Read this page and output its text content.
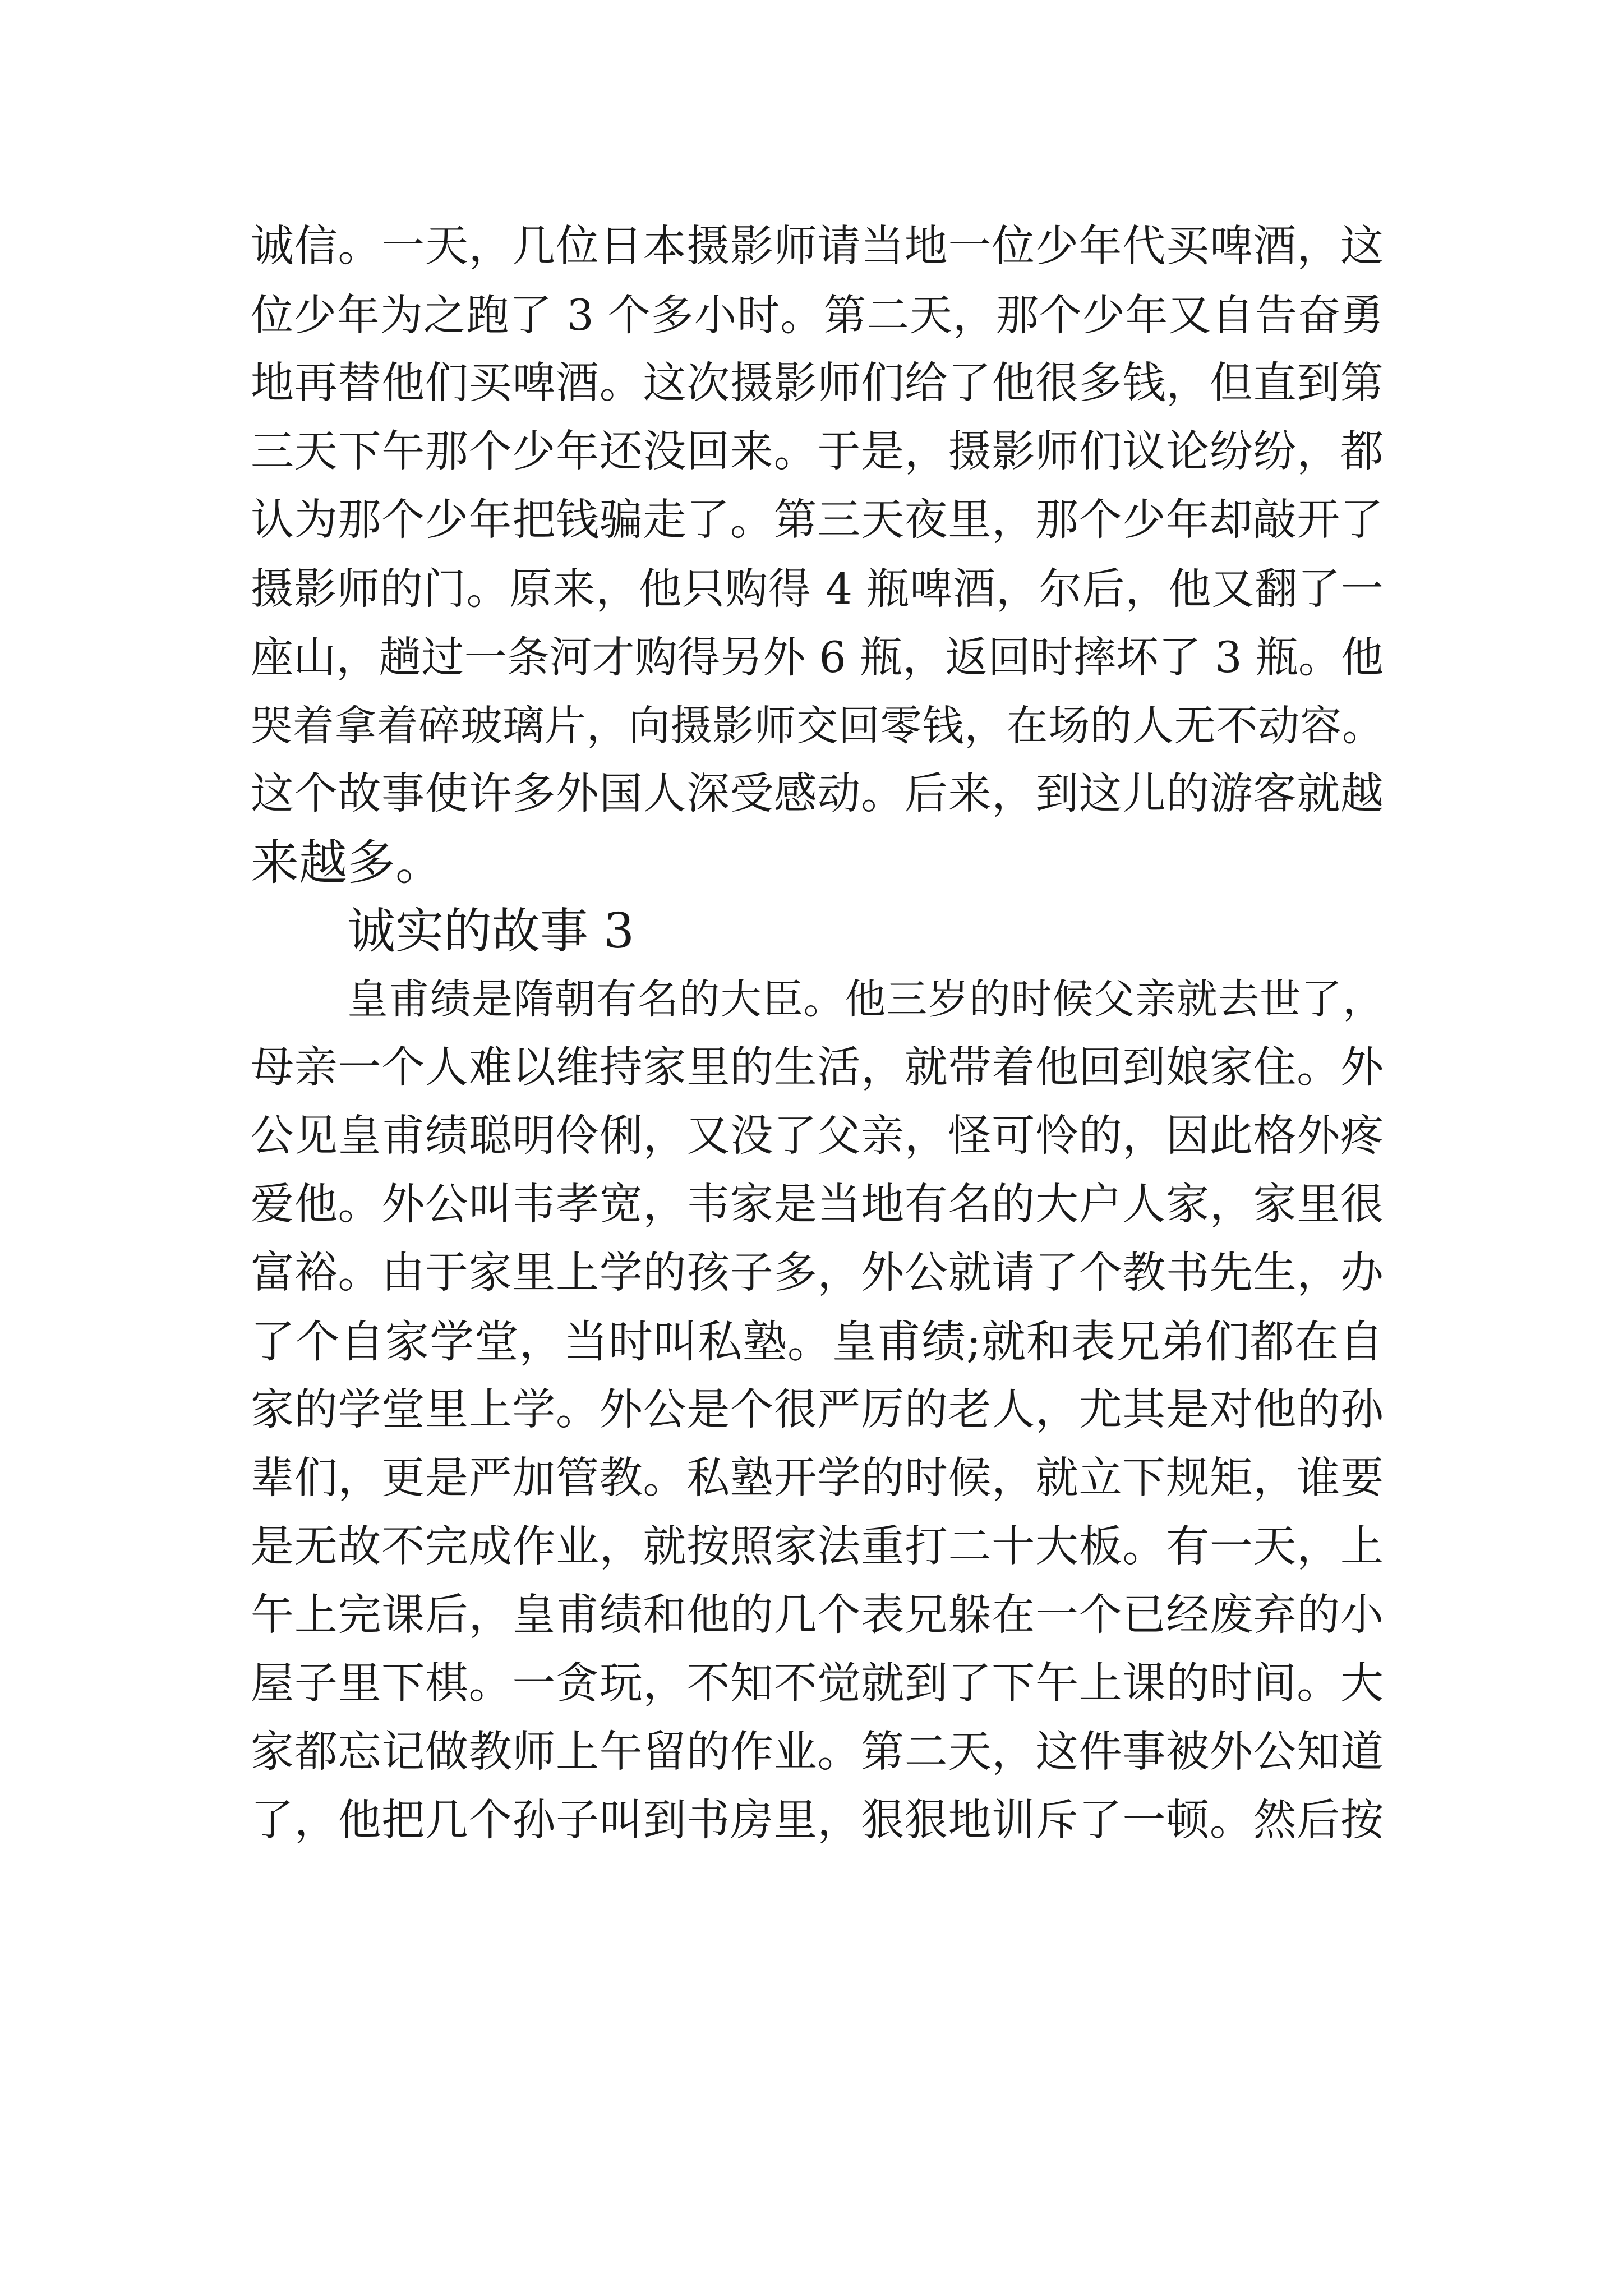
诚信。一天，几位日本摄影师请当地一位少年代买啤酒，这
位少年为之跑了 3 个多小时。第二天，那个少年又自告奋勇
地再替他们买啤酒。这次摄影师们给了他很多钱，但直到第
三天下午那个少年还没回来。于是，摄影师们议论纷纷，都
认为那个少年把钱骗走了。第三天夜里，那个少年却敲开了
摄影师的门。原来，他只购得 4 瓶啤酒，尔后，他又翻了一
座山，趟过一条河才购得另外 6 瓶，返回时摔坏了 3 瓶。他
哭着拿着碎玻璃片，向摄影师交回零钱，在场的人无不动容。
这个故事使许多外国人深受感动。后来，到这儿的游客就越
来越多。
诚实的故事 3
皇甫绩是隋朝有名的大臣。他三岁的时候父亲就去世了，
母亲一个人难以维持家里的生活，就带着他回到娘家住。外
公见皇甫绩聪明伶俐，又没了父亲，怪可怜的，因此格外疼
爱他。外公叫韦孝宽，韦家是当地有名的大户人家，家里很
富裕。由于家里上学的孩子多，外公就请了个教书先生，办
了个自家学堂，当时叫私塾。皇甫绩;就和表兄弟们都在自
家的学堂里上学。外公是个很严厉的老人，尤其是对他的孙
辈们，更是严加管教。私塾开学的时候，就立下规矩，谁要
是无故不完成作业，就按照家法重打二十大板。有一天，上
午上完课后，皇甫绩和他的几个表兄躲在一个已经废弃的小
屋子里下棋。一贪玩，不知不觉就到了下午上课的时间。大
家都忘记做教师上午留的作业。第二天，这件事被外公知道
了，他把几个孙子叫到书房里，狠狠地训斥了一顿。然后按
